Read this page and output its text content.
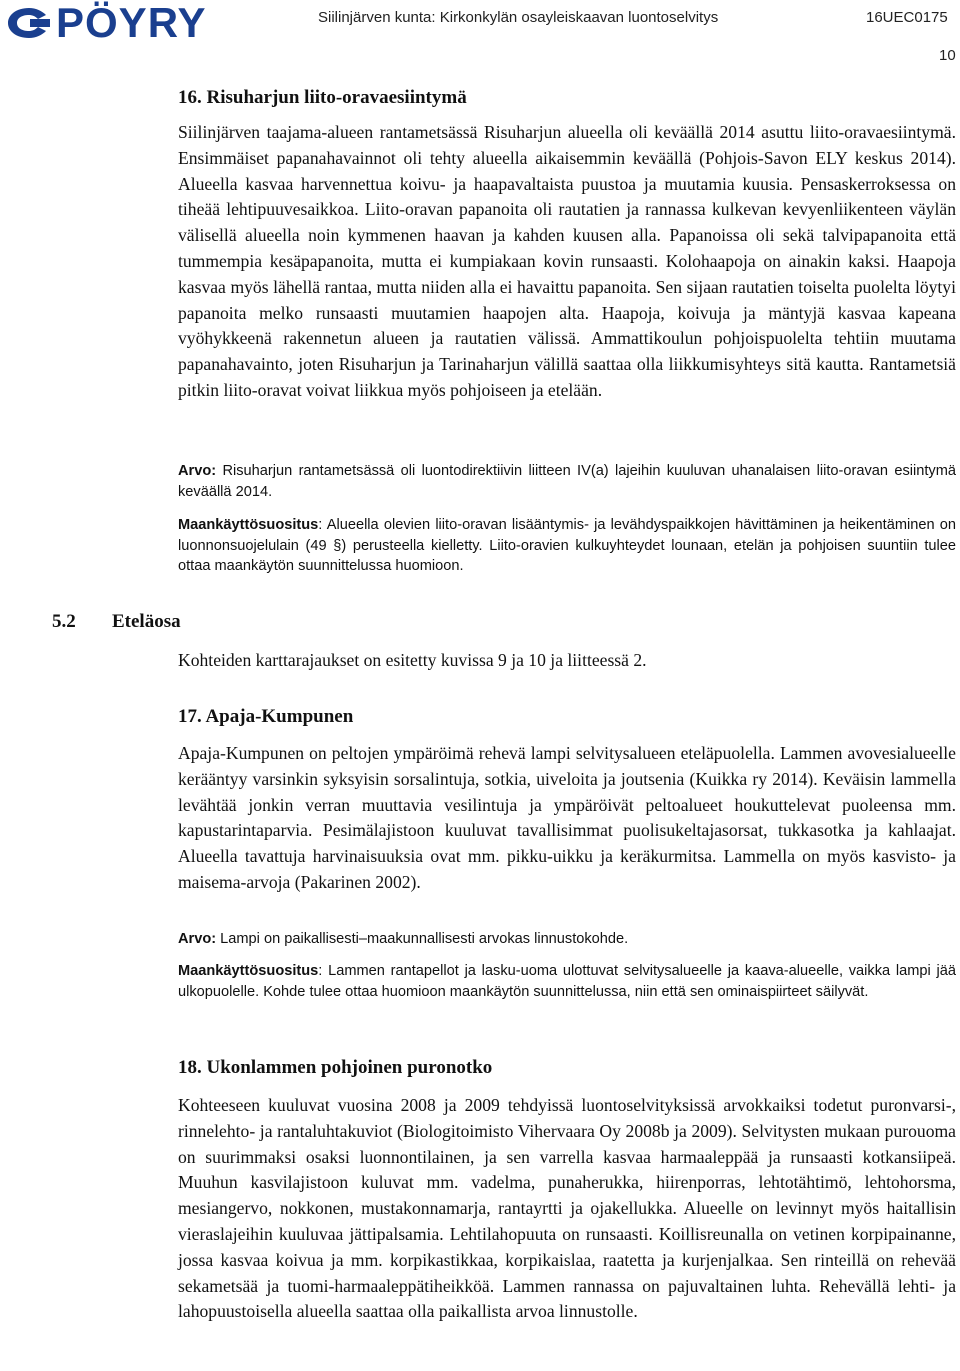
PÖYRY	Siilinjärven kunta: Kirkonkylän osayleiskaavan luontoselvitys	16UEC0175
10
16. Risuharjun liito-oravaesiintymä
Siilinjärven taajama-alueen rantametsässä Risuharjun alueella oli keväällä 2014 asuttu liito-oravaesiintymä. Ensimmäiset papanahavainnot oli tehty alueella aikaisemmin keväällä (Pohjois-Savon ELY keskus 2014). Alueella kasvaa harvennettua koivu- ja haapavaltaista puustoa ja muutamia kuusia. Pensaskerroksessa on tiheää lehtipuuvesaikkoa. Liito-oravan papanoita oli rautatien ja rannassa kulkevan kevyenliikenteen väylän välisellä alueella noin kymmenen haavan ja kahden kuusen alla. Papanoissa oli sekä talvipapanoita että tummempia kesäpapanoita, mutta ei kumpiakaan kovin runsaasti. Kolohaapoja on ainakin kaksi. Haapoja kasvaa myös lähellä rantaa, mutta niiden alla ei havaittu papanoita. Sen sijaan rautatien toiselta puolelta löytyi papanoita melko runsaasti muutamien haapojen alta. Haapoja, koivuja ja mäntyjä kasvaa kapeana vyöhykkeenä rakennetun alueen ja rautatien välissä. Ammattikoulun pohjoispuolelta tehtiin muutama papanahavainto, joten Risuharjun ja Tarinaharjun välillä saattaa olla liikkumisyhteys sitä kautta. Rantametsiä pitkin liito-oravat voivat liikkua myös pohjoiseen ja etelään.
Arvo: Risuharjun rantametsässä oli luontodirektiivin liitteen IV(a) lajeihin kuuluvan uhanalaisen liito-oravan esiintymä keväällä 2014.
Maankäyttösuositus: Alueella olevien liito-oravan lisääntymis- ja levähdyspaikkojen hävittäminen ja heikentäminen on luonnonsuojelulain (49 §) perusteella kielletty. Liito-oravien kulkuyhteydet lounaan, etelän ja pohjoisen suuntiin tulee ottaa maankäytön suunnittelussa huomioon.
5.2 Eteläosa
Kohteiden karttarajaukset on esitetty kuvissa 9 ja 10 ja liitteessä 2.
17. Apaja-Kumpunen
Apaja-Kumpunen on peltojen ympäröimä rehevä lampi selvitysalueen eteläpuolella. Lammen avovesialueelle kerääntyy varsinkin syksyisin sorsalintuja, sotkia, uiveloita ja joutsenia (Kuikka ry 2014). Keväisin lammella levähtää jonkin verran muuttavia vesilintuja ja ympäröivät peltoalueet houkuttelevat puoleensa mm. kapustarintaparvia. Pesimälajistoon kuuluvat tavallisimmat puolisukeltajasorsat, tukkasotka ja kahlaajat. Alueella tavattuja harvinaisuuksia ovat mm. pikku-uikku ja keräkurmitsa. Lammella on myös kasvisto- ja maisema-arvoja (Pakarinen 2002).
Arvo: Lampi on paikallisesti–maakunnallisesti arvokas linnustokohde.
Maankäyttösuositus: Lammen rantapellot ja lasku-uoma ulottuvat selvitysalueelle ja kaava-alueelle, vaikka lampi jää ulkopuolelle. Kohde tulee ottaa huomioon maankäytön suunnittelussa, niin että sen ominaispiirteet säilyvät.
18. Ukonlammen pohjoinen puronotko
Kohteeseen kuuluvat vuosina 2008 ja 2009 tehdyissä luontoselvityksissä arvokkaiksi todetut puronvarsi-, rinnelehto- ja rantaluhtakuviot (Biologitoimisto Vihervaara Oy 2008b ja 2009). Selvitysten mukaan purouoma on suurimmaksi osaksi luonnontilainen, ja sen varrella kasvaa harmaaleppää ja runsaasti kotkansiipeä. Muuhun kasvilajistoon kuluvat mm. vadelma, punaherukka, hiirenporras, lehtotähtimö, lehtohorsma, mesiangervo, nokkonen, mustakonnamarja, rantayrtti ja ojakellukka. Alueelle on levinnyt myös haitallisin vieraslajeihin kuuluvaa jättipalsamia. Lehtilahopuuta on runsaasti. Koillisreunalla on vetinen korpipainanne, jossa kasvaa koivua ja mm. korpikastikkaa, korpikaislaa, raatetta ja kurjenjalkaa. Sen rinteillä on rehevää sekametsää ja tuomi-harmaaleppätiheikköä. Lammen rannassa on pajuvaltainen luhta. Rehevällä lehti- ja lahopuustoisella alueella saattaa olla paikallista arvoa linnustolle.
